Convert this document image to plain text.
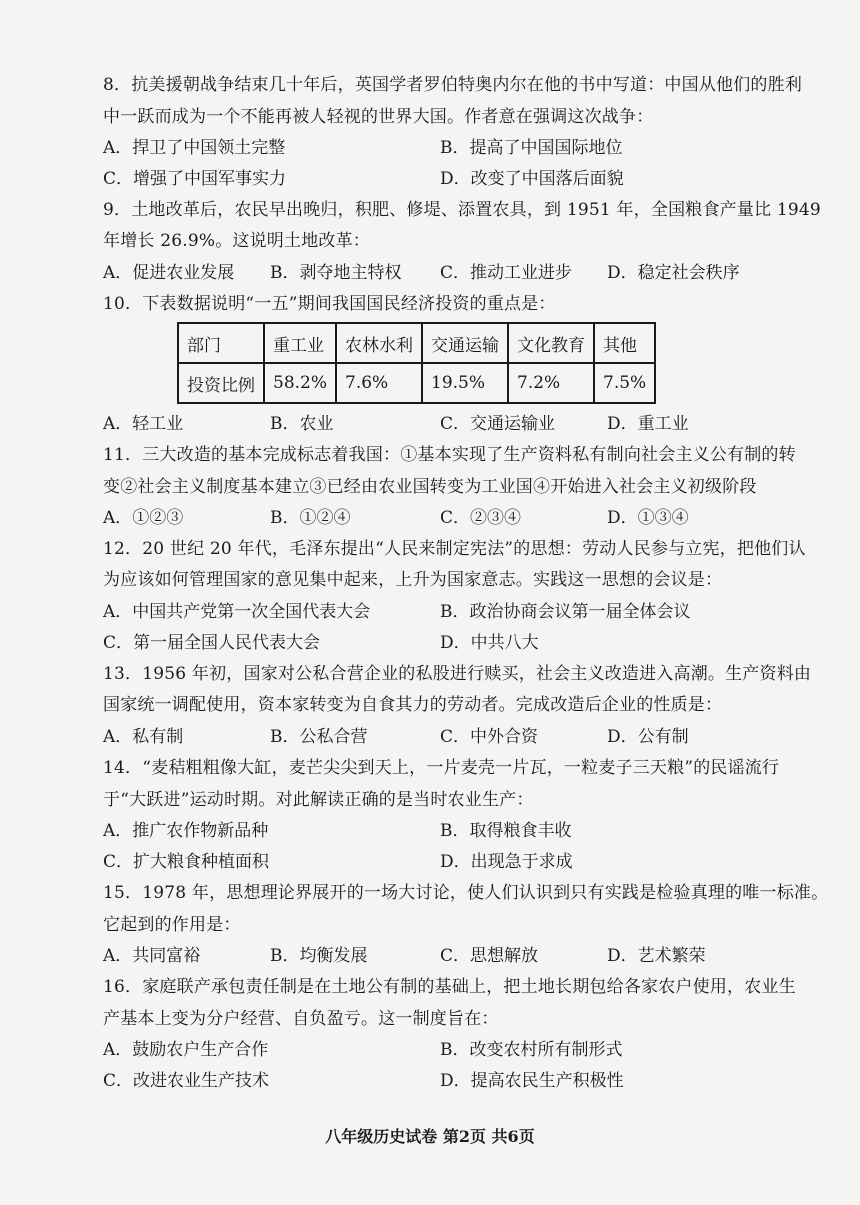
8．抗美援朝战争结束几十年后，英国学者罗伯特奥内尔在他的书中写道：中国从他们的胜利
中一跃而成为一个不能再被人轻视的世界大国。作者意在强调这次战争：
A．捍卫了中国领土完整	B．提高了中国国际地位
C．增强了中国军事实力	D．改变了中国落后面貌
9．土地改革后，农民早出晚归，积肥、修堤、添置农具，到 1951 年，全国粮食产量比 1949
年增长 26.9%。这说明土地改革：
A．促进农业发展 B．剥夺地主特权 C．推动工业进步 D．稳定社会秩序
10．下表数据说明“一五”期间我国国民经济投资的重点是：
部门	重工业	农林水利	交通运输	文化教育	其他
投资比例	58.2%	7.6%	19.5%	7.2%	7.5%
A．轻工业	B．农业	C．交通运输业	D．重工业
11．三大改造的基本完成标志着我国：①基本实现了生产资料私有制向社会主义公有制的转
变②社会主义制度基本建立③已经由农业国转变为工业国④开始进入社会主义初级阶段
A．①②③	B．①②④	C．②③④	D．①③④
12．20 世纪 20 年代，毛泽东提出“人民来制定宪法”的思想：劳动人民参与立宪，把他们认
为应该如何管理国家的意见集中起来，上升为国家意志。实践这一思想的会议是：
A．中国共产党第一次全国代表大会	B．政治协商会议第一届全体会议
C．第一届全国人民代表大会	D．中共八大
13．1956 年初，国家对公私合营企业的私股进行赎买，社会主义改造进入高潮。生产资料由
国家统一调配使用，资本家转变为自食其力的劳动者。完成改造后企业的性质是：
A．私有制	B．公私合营	C．中外合资	D．公有制
14．“麦秸粗粗像大缸，麦芒尖尖到天上，一片麦壳一片瓦，一粒麦子三天粮”的民谣流行
于“大跃进”运动时期。对此解读正确的是当时农业生产：
A．推广农作物新品种	B．取得粮食丰收
C．扩大粮食种植面积	D．出现急于求成
15．1978 年，思想理论界展开的一场大讨论，使人们认识到只有实践是检验真理的唯一标准。
它起到的作用是：
A．共同富裕	B．均衡发展	C．思想解放	D．艺术繁荣
16．家庭联产承包责任制是在土地公有制的基础上，把土地长期包给各家农户使用，农业生
产基本上变为分户经营、自负盈亏。这一制度旨在：
A．鼓励农户生产合作	B．改变农村所有制形式
C．改进农业生产技术	D．提高农民生产积极性
八年级历史试卷 第2页 共6页
